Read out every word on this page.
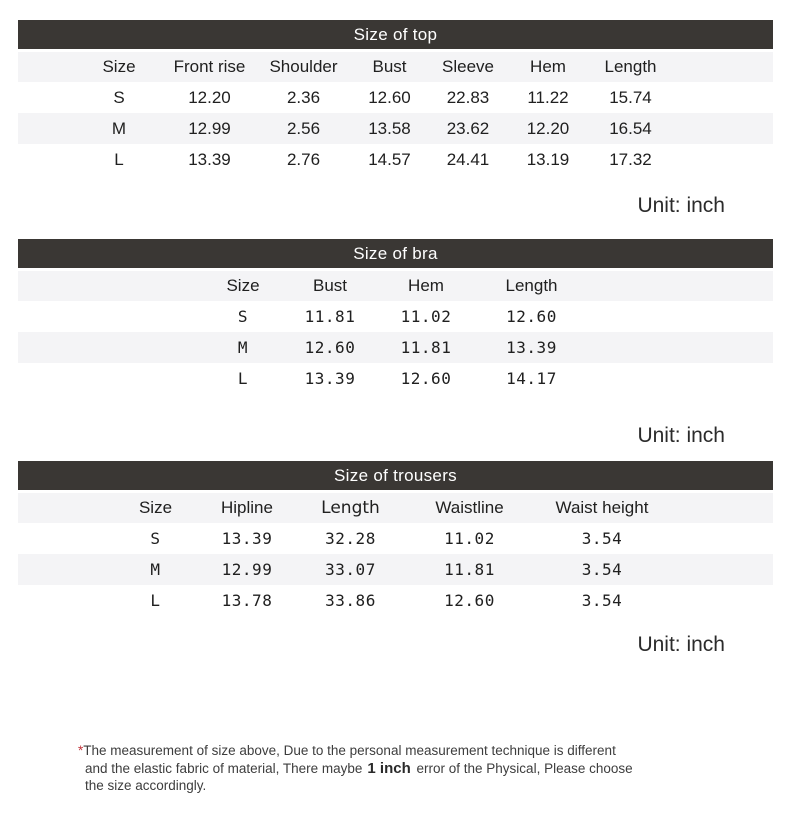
Size of top
	Size	Front rise	Shoulder	Bust	Sleeve	Hem	Length	
	S	12.20	2.36	12.60	22.83	11.22	15.74	
	M	12.99	2.56	13.58	23.62	12.20	16.54	
	L	13.39	2.76	14.57	24.41	13.19	17.32	
Unit: inch
Size of bra
	Size	Bust	Hem	Length	
	S	11.81	11.02	12.60	
	M	12.60	11.81	13.39	
	L	13.39	12.60	14.17	
Unit: inch
Size of trousers
	Size	Hipline	Length	Waistline	Waist height	
	S	13.39	32.28	11.02	3.54	
	M	12.99	33.07	11.81	3.54	
	L	13.78	33.86	12.60	3.54	
Unit: inch
*The measurement of size above, Due to the personal measurement technique is different
and the elastic fabric of material, There maybe 1 inch error of the Physical, Please choose
the size accordingly.
